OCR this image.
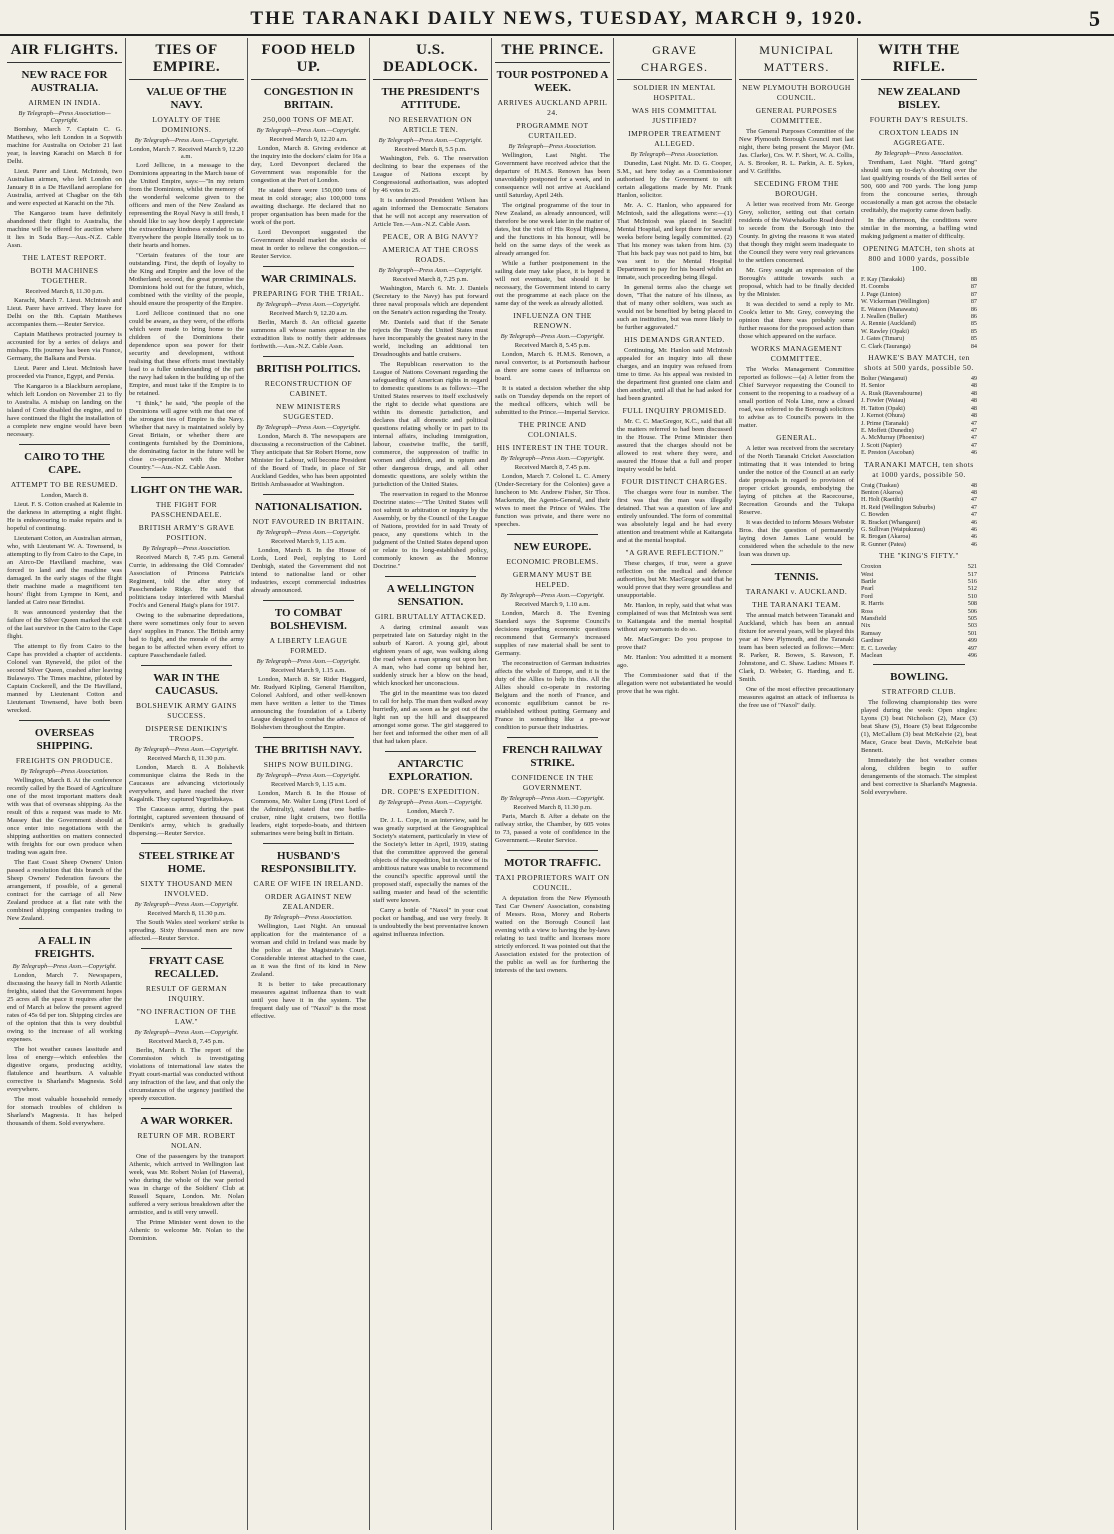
THE TARANAKI DAILY NEWS, TUESDAY, MARCH 9, 1920.	5
AIR FLIGHTS.
NEW RACE FOR AUSTRALIA.
AIRMEN IN INDIA.
By Telegraph—Press Association—Copyright.

Bombay, March 7. Captain C. G. Matthews, who left London in a Sopwith machine for Australia on October 21 last year, is leaving Karachi on March 8 for Delhi.

Lieut. Parer and Lieut. McIntosh, two Australian airmen, who left London on January 8 in a De Havilland aeroplane for Australia, arrived at Chagbar on the 6th and were expected at Karachi on the 7th.

The Kangaroo team have definitely abandoned their flight to Australia, the machine will be offered for auction where it lies in Suda Bay.—Aus.-N.Z. Cable Assn.

THE LATEST REPORT.
BOTH MACHINES TOGETHER.
Received March 8, 11.30 p.m.

Karachi, March 7. Lieut. McIntosh and Lieut. Parer have arrived. They leave for Delhi on the 8th. Captain Matthews accompanies them.—Reuter Service.

Captain Matthews protracted journey is accounted for by a series of delays and mishaps. His journey has been via France, Germany, the Balkans and Persia.

Lieut. Parer and Lieut. McIntosh have proceeded via France, Egypt, and Persia.

The Kangaroo is a Blackburn aeroplane, which left London on November 21 to fly to Australia. A mishap on landing on the island of Crete disabled the engine, and to have continued the flight the installation of a complete new engine would have been necessary.

CAIRO TO THE CAPE.
ATTEMPT TO BE RESUMED.
London, March 8.

Lieut. F. S. Cotton crashed at Kalemie in the darkness in attempting a night flight. He is endeavouring to make repairs and is hopeful of continuing.

Lieutenant Cotton, an Australian airman, who, with Lieutenant W. A. Townsend, is attempting to fly from Cairo to the Cape, in an Airco-De Havilland machine, was forced to land and the machine was damaged. In the early stages of the flight their machine made a magnificent ten hours' flight from Lympne in Kent, and landed at Cairo near Brindisi.

It was announced yesterday that the failure of the Silver Queen marked the exit of the last survivor in the Cairo to the Cape flight.

The attempt to fly from Cairo to the Cape has provided a chapter of accidents. Colonel van Ryneveld, the pilot of the second Silver Queen, crashed after leaving Bulawayo. The Times machine, piloted by Captain Cockerell, and the De Havilland, manned by Lieutenant Cotton and Lieutenant Townsend, have both been wrecked.

OVERSEAS SHIPPING.
FREIGHTS ON PRODUCE.
By Telegraph—Press Association.

Wellington, March 8. At the conference recently called by the Board of Agriculture one of the most important matters dealt with was that of overseas shipping. As the result of this a request was made to Mr. Massey that the Government should at once enter into negotiations with the shipping authorities on matters connected with freights for our own produce when trading was again free.

The East Coast Sheep Owners' Union passed a resolution that this branch of the Sheep Owners' Federation favours the arrangement, if possible, of a general contract for the carriage of all New Zealand produce at a flat rate with the combined shipping companies trading to New Zealand.

A FALL IN FREIGHTS.
By Telegraph—Press Assn.—Copyright.

London, March 7. Newspapers, discussing the heavy fall in North Atlantic freights, stated that the Government hopes 25 acres all the space it requires after the end of March at below the present agreed rates of 45s 6d per ton. Shipping circles are of the opinion that this is very doubtful owing to the increase of all working expenses.

The hot weather causes lassitude and loss of energy—which enfeebles the digestive organs, producing acidity, flatulence and heartburn. A valuable corrective is Sharland's Magnesia. Sold everywhere.

The most valuable household remedy for stomach troubles of children is Sharland's Magnesia. It has helped thousands of them. Sold everywhere.

TIES OF EMPIRE.
VALUE OF THE NAVY.
LOYALTY OF THE DOMINIONS.
By Telegraph—Press Assn.—Copyright.
London, March 7. Received March 9, 12.20 a.m.

Lord Jellicoe, in a message to the Dominions appearing in the March issue of the United Empire, says:—"In my return from the Dominions, whilst the memory of the wonderful welcome given to the officers and men of the New Zealand as representing the Royal Navy is still fresh, I should like to say how deeply I appreciate the extraordinary kindness extended to us. Everywhere the people literally took us to their hearts and homes.

"Certain features of the tour are outstanding. First, the depth of loyalty to the King and Empire and the love of the Motherland; second, the great promise the Dominions hold out for the future, which, combined with the virility of the people, should ensure the prosperity of the Empire.

Lord Jellicoe continued that no one could be aware, as they were, of the efforts which were made to bring home to the children of the Dominions their dependence upon sea power for their security and development, without realising that these efforts must inevitably lead to a fuller understanding of the part the navy had taken in the building up of the Empire, and must take if the Empire is to be retained.

"I think," he said, "the people of the Dominions will agree with me that one of the strongest ties of Empire is the Navy. Whether that navy is maintained solely by Great Britain, or whether there are contingents furnished by the Dominions, the dominating factor in the future will be close co-operation with the Mother Country."—Aus.-N.Z. Cable Assn.

LIGHT ON THE WAR.
THE FIGHT FOR PASSCHENDAELE.
BRITISH ARMY'S GRAVE POSITION.
By Telegraph—Press Association.

Received March 8, 7.45 p.m. General Currie, in addressing the Old Comrades' Association of Princess Patricia's Regiment, told the after story of Passchendaele Ridge. He said that politicians today interfered with Marshal Foch's and General Haig's plans for 1917.

Owing to the submarine depredations, there were sometimes only four to seven days' supplies in France. The British army had to fight, and the morale of the army began to be affected when every effort to capture Passchendaele failed.

WAR IN THE CAUCASUS.
BOLSHEVIK ARMY GAINS SUCCESS.
DISPERSE DENIKIN'S TROOPS.
By Telegraph—Press Assn.—Copyright.
Received March 8, 11.30 p.m.

London, March 8. A Bolshevik communique claims the Reds in the Caucasus are advancing victoriously everywhere, and have reached the river Kagalnik. They captured Yegorlitskaya.

The Caucasus army, during the past fortnight, captured seventeen thousand of Denikin's army, which is gradually dispersing.—Reuter Service.

STEEL STRIKE AT HOME.
SIXTY THOUSAND MEN INVOLVED.
By Telegraph—Press Assn.—Copyright.
Received March 8, 11.30 p.m.

The South Wales steel workers' strike is spreading. Sixty thousand men are now affected.—Reuter Service.

FRYATT CASE RECALLED.
RESULT OF GERMAN INQUIRY.
"NO INFRACTION OF THE LAW."
By Telegraph—Press Assn.—Copyright.
Received March 8, 7.45 p.m.

Berlin, March 8. The report of the Commission which is investigating violations of international law states the Fryatt court-martial was conducted without any infraction of the law, and that only the circumstances of the urgency justified the speedy execution.

A WAR WORKER.
RETURN OF MR. ROBERT NOLAN.

One of the passengers by the transport Athenic, which arrived in Wellington last week, was Mr. Robert Nolan (of Hawera), who during the whole of the war period was in charge of the Soldiers' Club at Russell Square, London. Mr. Nolan suffered a very serious breakdown after the armistice, and is still very unwell.

The Prime Minister went down to the Athenic to welcome Mr. Nolan to the Dominion.

FOOD HELD UP.
CONGESTION IN BRITAIN.
250,000 TONS OF MEAT.
By Telegraph—Press Assn.—Copyright.
Received March 9, 12.20 a.m.

London, March 8. Giving evidence at the inquiry into the dockers' claim for 16s a day, Lord Devonport declared the Government was responsible for the congestion at the Port of London.

He stated there were 150,000 tons of meat in cold storage; also 100,000 tons awaiting discharge. He declared that no proper organisation has been made for the work of the port.

Lord Devonport suggested the Government should market the stocks of meat in order to relieve the congestion.—Reuter Service.

WAR CRIMINALS.
PREPARING FOR THE TRIAL.
By Telegraph—Press Assn.—Copyright.
Received March 9, 12.20 a.m.

Berlin, March 8. An official gazette summons all whose names appear in the extradition lists to notify their addresses forthwith.—Aus.-N.Z. Cable Assn.

BRITISH POLITICS.
RECONSTRUCTION OF CABINET.
NEW MINISTERS SUGGESTED.
By Telegraph—Press Assn.—Copyright.

London, March 8. The newspapers are discussing a reconstruction of the Cabinet. They anticipate that Sir Robert Horne, now Minister for Labour, will become President of the Board of Trade, in place of Sir Auckland Geddes, who has been appointed British Ambassador at Washington.

NATIONALISATION.
NOT FAVOURED IN BRITAIN.
By Telegraph—Press Assn.—Copyright.
Received March 9, 1.15 a.m.

London, March 8. In the House of Lords, Lord Peel, replying to Lord Denbigh, stated the Government did not intend to nationalise land or other industries, except commercial industries already announced.

TO COMBAT BOLSHEVISM.
A LIBERTY LEAGUE FORMED.
By Telegraph—Press Assn.—Copyright.
Received March 9, 1.15 a.m.

London, March 8. Sir Rider Haggard, Mr. Rudyard Kipling, General Hamilton, Colonel Ashford, and other well-known men have written a letter to the Times announcing the foundation of a Liberty League designed to combat the advance of Bolshevism throughout the Empire.

THE BRITISH NAVY.
SHIPS NOW BUILDING.
By Telegraph—Press Assn.—Copyright.
Received March 9, 1.15 a.m.

London, March 8. In the House of Commons, Mr. Walter Long (First Lord of the Admiralty), stated that one battle-cruiser, nine light cruisers, two flotilla leaders, eight torpedo-boats, and thirteen submarines were being built in Britain.

HUSBAND'S RESPONSIBILITY.
CARE OF WIFE IN IRELAND.
ORDER AGAINST NEW ZEALANDER.
By Telegraph—Press Association.

Wellington, Last Night. An unusual application for the maintenance of a woman and child in Ireland was made by the police at the Magistrate's Court. Considerable interest attached to the case, as it was the first of its kind in New Zealand.

It is better to take precautionary measures against influenza than to wait until you have it in the system. The frequent daily use of "Naxol" is the most effective.

U.S. DEADLOCK.
THE PRESIDENT'S ATTITUDE.
NO RESERVATION ON ARTICLE TEN.
By Telegraph—Press Assn.—Copyright.
Received March 8, 5.5 p.m.

Washington, Feb. 6. The reservation declining to bear the expenses of the League of Nations except by Congressional authorisation, was adopted by 46 votes to 25.

It is understood President Wilson has again informed the Democratic Senators that he will not accept any reservation of Article Ten.—Aus.-N.Z. Cable Assn.

PEACE, OR A BIG NAVY?
AMERICA AT THE CROSS ROADS.
By Telegraph—Press Assn.—Copyright.
Received March 8, 7.25 p.m.

Washington, March 6. Mr. J. Daniels (Secretary to the Navy) has put forward three naval proposals which are dependent on the Senate's action regarding the Treaty.

Mr. Daniels said that if the Senate rejects the Treaty the United States must have incomparably the greatest navy in the world, including an additional ten Dreadnoughts and battle cruisers.

The Republican reservation to the League of Nations Covenant regarding the safeguarding of American rights in regard to domestic questions is as follows:—The United States reserves to itself exclusively the right to decide what questions are within its domestic jurisdiction, and declares that all domestic and political questions relating wholly or in part to its internal affairs, including immigration, labour, coastwise traffic, the tariff, commerce, the suppression of traffic in women and children, and in opium and other dangerous drugs, and all other domestic questions, are solely within the jurisdiction of the United States.

The reservation in regard to the Monroe Doctrine states:—"The United States will not submit to arbitration or inquiry by the Assembly, or by the Council of the League of Nations, provided for in said Treaty of peace, any questions which in the judgment of the United States depend upon or relate to its long-established policy, commonly known as the Monroe Doctrine."

A WELLINGTON SENSATION.
GIRL BRUTALLY ATTACKED.

A daring criminal assault was perpetrated late on Saturday night in the suburb of Karori. A young girl, about eighteen years of age, was walking along the road when a man sprang out upon her. A man, who had come up behind her, suddenly struck her a blow on the head, which knocked her unconscious.

The girl in the meantime was too dazed to call for help. The man then walked away hurriedly, and as soon as he got out of the light ran up the hill and disappeared amongst some gorse. The girl staggered to her feet and informed the other men of all that had taken place.

ANTARCTIC EXPLORATION.
DR. COPE'S EXPEDITION.
By Telegraph—Press Assn.—Copyright.
London, March 7.

Dr. J. L. Cope, in an interview, said he was greatly surprised at the Geographical Society's statement, particularly in view of the Society's letter in April, 1919, stating that the committee approved the general objects of the expedition, but in view of its ambitious nature was unable to recommend the council's specific approval until the proposed staff, especially the names of the sailing master and head of the scientific staff were known.

Carry a bottle of "Naxol" in your coat pocket or handbag, and use very freely. It is undoubtedly the best preventative known against influenza infection.

THE PRINCE.
TOUR POSTPONED A WEEK.
ARRIVES AUCKLAND APRIL 24.
PROGRAMME NOT CURTAILED.
By Telegraph—Press Association.

Wellington, Last Night. The Government have received advice that the departure of H.M.S. Renown has been unavoidably postponed for a week, and in consequence will not arrive at Auckland until Saturday, April 24th.

The original programme of the tour in New Zealand, as already announced, will therefore be one week later in the matter of dates, but the visit of His Royal Highness, and the functions in his honour, will be held on the same days of the week as already arranged for.

While a further postponement in the sailing date may take place, it is hoped it will not eventuate, but should it be necessary, the Government intend to carry out the programme at each place on the same day of the week as already allotted.

INFLUENZA ON THE RENOWN.
By Telegraph—Press Assn.—Copyright.
Received March 8, 5.45 p.m.

London, March 6. H.M.S. Renown, a naval convertor, is at Portsmouth harbour as there are some cases of influenza on board.

It is stated a decision whether the ship sails on Tuesday depends on the report of the medical officers, which will be submitted to the Prince.—Imperial Service.

THE PRINCE AND COLONIALS.
HIS INTEREST IN THE TOUR.
By Telegraph—Press Assn.—Copyright.
Received March 8, 7.45 p.m.

London, March 7. Colonel L. C. Amery (Under-Secretary for the Colonies) gave a luncheon to Mr. Andrew Fisher, Sir Thos. Mackenzie, the Agents-General, and their wives to meet the Prince of Wales. The function was private, and there were no speeches.

NEW EUROPE.
ECONOMIC PROBLEMS.
GERMANY MUST BE HELPED.
By Telegraph—Press Assn.—Copyright.
Received March 9, 1.10 a.m.

London, March 8. The Evening Standard says the Supreme Council's decisions regarding economic questions recommend that Germany's increased supplies of raw material shall be sent to Germany.

The reconstruction of German industries affects the whole of Europe, and it is the duty of the Allies to help in this. All the Allies should co-operate in restoring Belgium and the north of France, and economic equilibrium cannot be re-established without putting Germany and France in something like a pre-war condition to pursue their industries.

FRENCH RAILWAY STRIKE.
CONFIDENCE IN THE GOVERNMENT.
By Telegraph—Press Assn.—Copyright.
Received March 8, 11.30 p.m.

Paris, March 8. After a debate on the railway strike, the Chamber, by 605 votes to 73, passed a vote of confidence in the Government.—Reuter Service.

MOTOR TRAFFIC.
TAXI PROPRIETORS WAIT ON COUNCIL.

A deputation from the New Plymouth Taxi Car Owners' Association, consisting of Messrs. Ross, Morey and Roberts waited on the Borough Council last evening with a view to having the by-laws relating to taxi traffic and licenses more strictly enforced. It was pointed out that the Association existed for the protection of the public as well as for furthering the interests of the taxi owners.

GRAVE CHARGES.
SOLDIER IN MENTAL HOSPITAL.
WAS HIS COMMITTAL JUSTIFIED?
IMPROPER TREATMENT ALLEGED.
By Telegraph—Press Association.

Dunedin, Last Night. Mr. D. G. Cooper, S.M., sat here today as a Commissioner authorised by the Government to sift certain allegations made by Mr. Frank Hanlon, solicitor.

Mr. A. C. Hanlon, who appeared for McIntosh, said the allegations were:—(1) That McIntosh was placed in Seacliff Mental Hospital, and kept there for several weeks before being legally committed. (2) That his money was taken from him. (3) That his back pay was not paid to him, but was sent to the Mental Hospital Department to pay for his board whilst an inmate, such proceeding being illegal.

In general terms also the charge set down, "That the nature of his illness, as that of many other soldiers, was such as would not be benefited by being placed in such an institution, but was more likely to be further aggravated."

HIS DEMANDS GRANTED.

Continuing, Mr. Hanlon said McIntosh appealed for an inquiry into all these charges, and an inquiry was refused from time to time. As his appeal was resisted in the department first granted one claim and then another, until all that he had asked for had been granted.

FULL INQUIRY PROMISED.

Mr. C. C. MacGregor, K.C., said that all the matters referred to had been discussed in the House. The Prime Minister then assured that the charges should not be allowed to rest where they were, and assured the House that a full and proper inquiry would be held.

FOUR DISTINCT CHARGES.

The charges were four in number. The first was that the man was illegally detained. That was a question of law and entirely unfounded. The form of committal was absolutely legal and he had every attention and treatment while at Kaitangata and at the mental hospital.

"A GRAVE REFLECTION."

These charges, if true, were a grave reflection on the medical and defence authorities, but Mr. MacGregor said that he would prove that they were groundless and unsupportable.

Mr. Hanlon, in reply, said that what was complained of was that McIntosh was sent to Kaitangata and the mental hospital without any warrants to do so.

Mr. MacGregor: Do you propose to prove that?

Mr. Hanlon: You admitted it a moment ago.

The Commissioner said that if the allegation were not substantiated he would prove that he was right.

MUNICIPAL MATTERS.
NEW PLYMOUTH BOROUGH COUNCIL.
GENERAL PURPOSES COMMITTEE.

The General Purposes Committee of the New Plymouth Borough Council met last night, there being present the Mayor (Mr. Jas. Clarke), Crs. W. F. Short, W. A. Collis, A. S. Brooker, R. L. Parkin, A. E. Sykes, and V. Griffiths.

SECEDING FROM THE BOROUGH.

A letter was received from Mr. George Grey, solicitor, setting out that certain residents of the Waiwhakaiho Road desired to secede from the Borough into the County. In giving the reasons it was stated that though they might seem inadequate to the Council they were very real grievances to the settlers concerned.

Mr. Grey sought an expression of the Borough's attitude towards such a proposal, which had to be finally decided by the Minister.

It was decided to send a reply to Mr. Cook's letter to Mr. Grey, conveying the opinion that there was probably some further reasons for the proposed action than those which appeared on the surface.

WORKS MANAGEMENT COMMITTEE.

The Works Management Committee reported as follows:—(a) A letter from the Chief Surveyor requesting the Council to consent to the reopening to a roadway of a small portion of Nola Line, now a closed road, was referred to the Borough solicitors to advise as to Council's powers in the matter.

GENERAL.

A letter was received from the secretary of the North Taranaki Cricket Association intimating that it was intended to bring under the notice of the Council at an early date proposals in regard to provision of proper cricket grounds, embodying the laying of pitches at the Racecourse, Recreation Grounds and the Tukapa Reserve.

It was decided to inform Messrs Webster Bros. that the question of permanently laying down James Lane would be considered when the schedule to the new loan was drawn up.

TENNIS.
TARANAKI v. AUCKLAND.
THE TARANAKI TEAM.

The annual match between Taranaki and Auckland, which has been an annual fixture for several years, will be played this year at New Plymouth, and the Taranaki team has been selected as follows:—Men: R. Parker, R. Bowes, S. Rawson, F. Johnstone, and C. Shaw. Ladies: Misses F. Clark, D. Webster, G. Harding, and E. Smith.

One of the most effective precautionary measures against an attack of influenza is the free use of "Naxol" daily.

WITH THE RIFLE.
NEW ZEALAND BISLEY.
FOURTH DAY'S RESULTS.
CROXTON LEADS IN AGGREGATE.
By Telegraph—Press Association.

Trentham, Last Night. "Hard going" should sum up to-day's shooting over the last qualifying rounds of the Bell series of 500, 600 and 700 yards. The long jump from the concourse series, through occasionally a man got across the obstacle creditably, the majority came down badly.

In the afternoon, the conditions were similar in the morning, a baffling wind making judgment a matter of difficulty.

OPENING MATCH, ten shots at 800 and 1000 yards, possible 100.
F. Kay (Tarakaki)	88
H. Coombs	87
J. Page (Linton)	87
W. Vickerman (Wellington)	87
E. Watson (Manawatu)	86
J. Neallen (Buller)	86
A. Rennie (Auckland)	85
W. Rawley (Opaki)	85
J. Gates (Timaru)	85
C. Clark (Tauranga)	84
HAWKE'S BAY MATCH, ten shots at 500 yards, possible 50.
Bolter (Wanganui)	49
H. Senior	48
A. Rusk (Ravensbourne)	48
J. Fowler (Waiau)	48
H. Tatton (Opaki)	48
J. Kernot (Ohura)	48
J. Prime (Taranaki)	47
E. Moffett (Dunedin)	47
A. McMurray (Phoenixe)	47
J. Scott (Napier)	47
E. Preston (Ascoban)	46
TARANAKI MATCH, ten shots at 1000 yards, possible 50.
Craig (Tuakau)	48
Benton (Akaroa)	48
H. Holt (Raetihi)	47
H. Reid (Wellington Suburbs)	47
C. Bowden	47
R. Bracket (Whangarei)	46
G. Sullivan (Waipukurau)	46
R. Brogan (Akaroa)	46
R. Gunner (Patea)	46
THE "KING'S FIFTY."
Croxton	521
West	517
Bartle	516
Pearl	512
Ford	510
R. Harris	508
Ross	506
Mansfield	505
Nix	503
Ramsay	501
Gardiner	499
E. C. Loveday	497
Maclean	496
BOWLING.
STRATFORD CLUB.

The following championship ties were played during the week: Open singles: Lyons (3) beat Nicholson (2), Mace (3) beat Shaw (5), Hoare (5) beat Edgecombe (1), McCallum (3) beat McKelvie (2), beat Mace, Grace beat Davis, McKelvie beat Bennett.

Immediately the hot weather comes along, children begin to suffer derangements of the stomach. The simplest and best corrective is Sharland's Magnesia. Sold everywhere.
